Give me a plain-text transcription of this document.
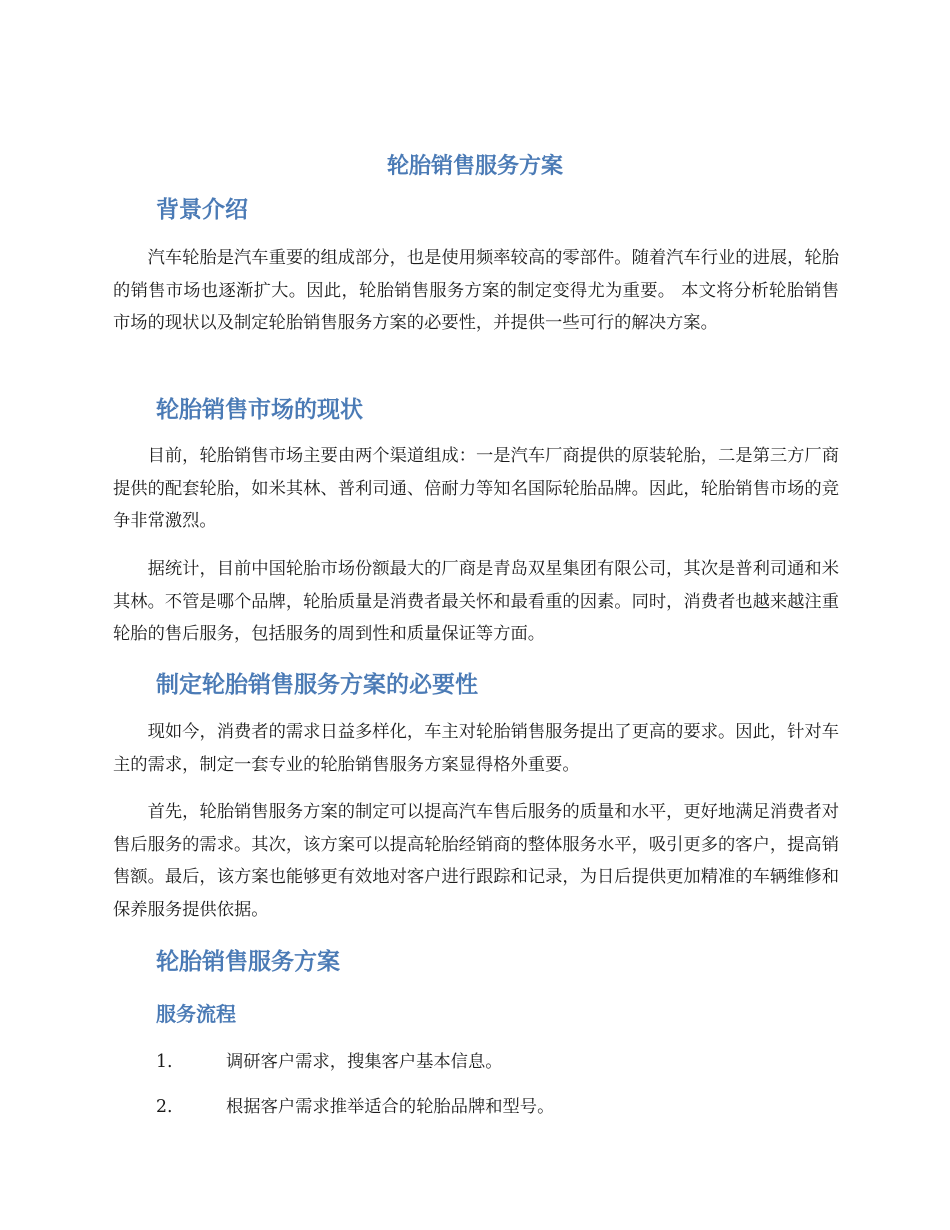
轮胎销售服务方案
背景介绍

汽车轮胎是汽车重要的组成部分，也是使用频率较高的零部件。随着汽车行业的进展，轮胎的销售市场也逐渐扩大。因此，轮胎销售服务方案的制定变得尤为重要。 本文将分析轮胎销售市场的现状以及制定轮胎销售服务方案的必要性，并提供一些可行的解决方案。

轮胎销售市场的现状

目前，轮胎销售市场主要由两个渠道组成：一是汽车厂商提供的原装轮胎，二是第三方厂商提供的配套轮胎，如米其林、普利司通、倍耐力等知名国际轮胎品牌。因此，轮胎销售市场的竞争非常激烈。

据统计，目前中国轮胎市场份额最大的厂商是青岛双星集团有限公司，其次是普利司通和米其林。不管是哪个品牌，轮胎质量是消费者最关怀和最看重的因素。同时，消费者也越来越注重轮胎的售后服务，包括服务的周到性和质量保证等方面。

制定轮胎销售服务方案的必要性

现如今，消费者的需求日益多样化，车主对轮胎销售服务提出了更高的要求。因此，针对车主的需求，制定一套专业的轮胎销售服务方案显得格外重要。

首先，轮胎销售服务方案的制定可以提高汽车售后服务的质量和水平，更好地满足消费者对售后服务的需求。其次，该方案可以提高轮胎经销商的整体服务水平，吸引更多的客户，提高销售额。最后，该方案也能够更有效地对客户进行跟踪和记录，为日后提供更加精准的车辆维修和保养服务提供依据。

轮胎销售服务方案
服务流程
1.	调研客户需求，搜集客户基本信息。
2.	根据客户需求推举适合的轮胎品牌和型号。
